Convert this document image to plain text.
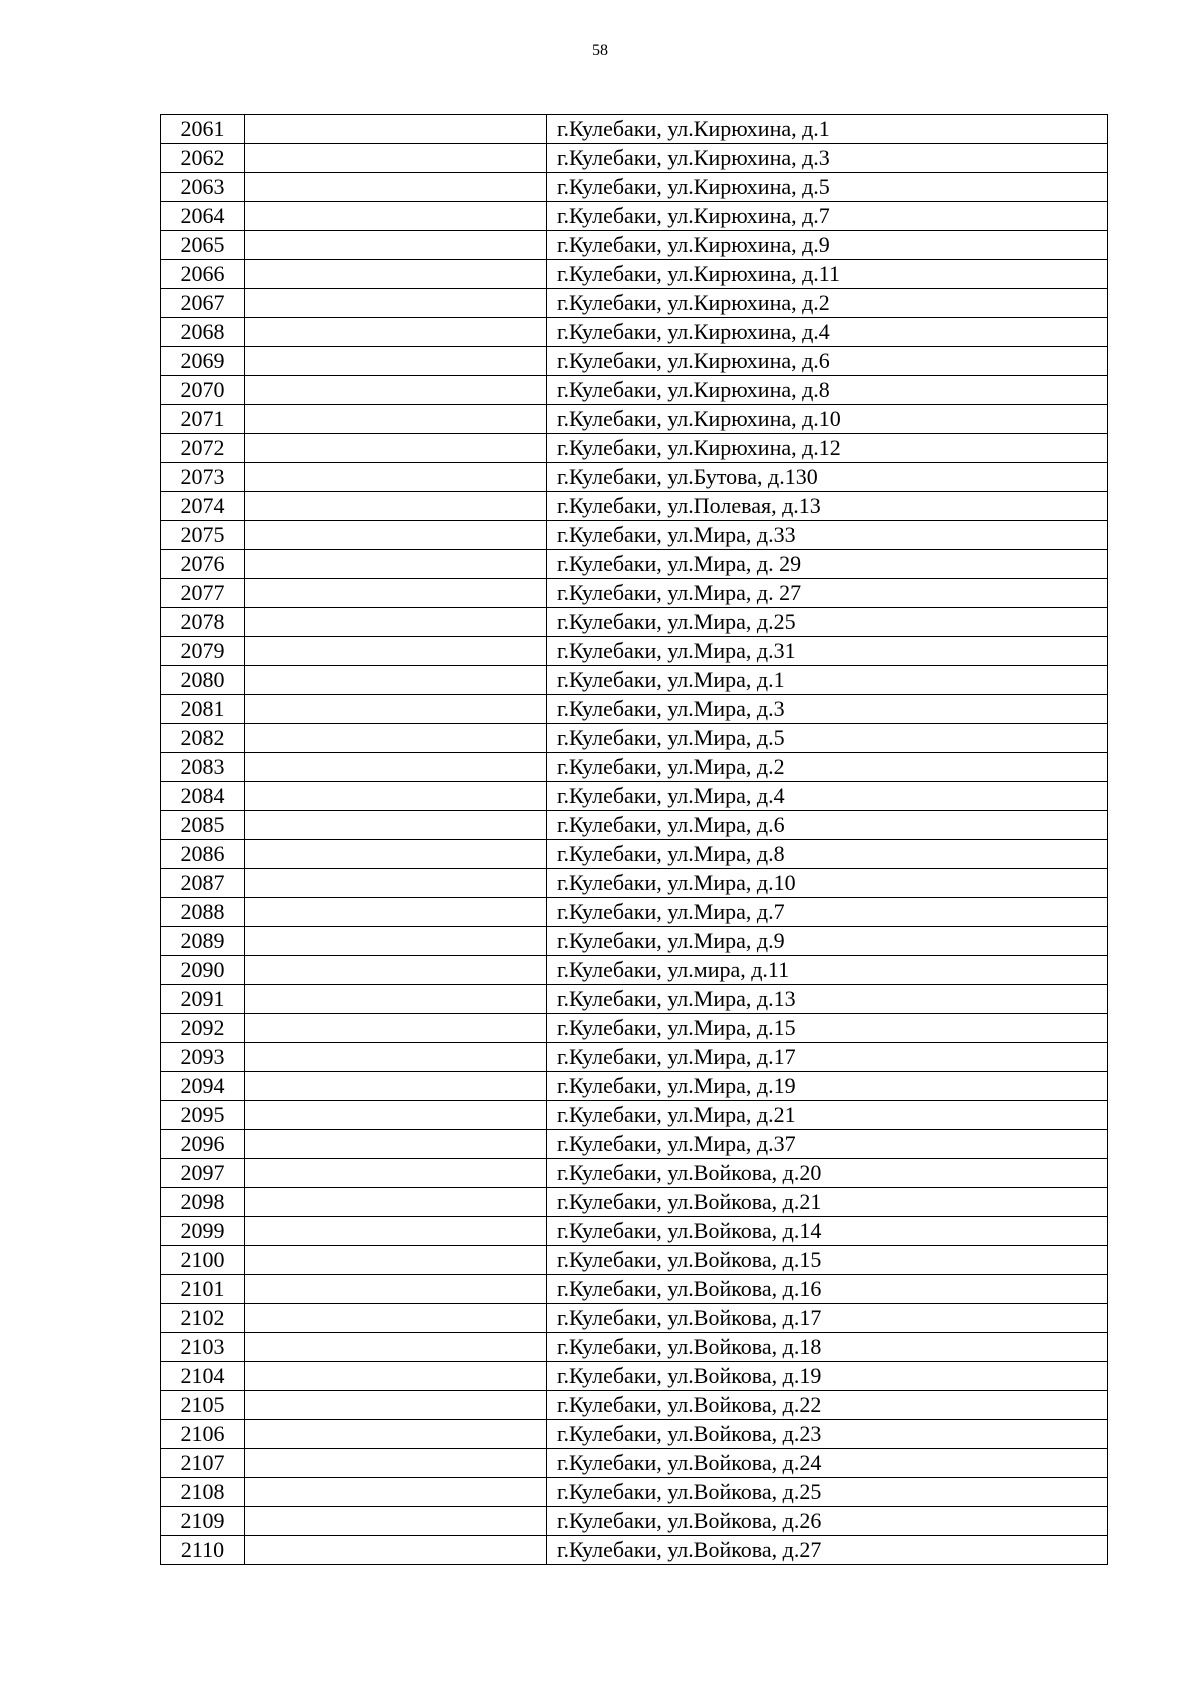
58
2061		г.Кулебаки, ул.Кирюхина, д.1
2062		г.Кулебаки, ул.Кирюхина, д.3
2063		г.Кулебаки, ул.Кирюхина, д.5
2064		г.Кулебаки, ул.Кирюхина, д.7
2065		г.Кулебаки, ул.Кирюхина, д.9
2066		г.Кулебаки, ул.Кирюхина, д.11
2067		г.Кулебаки, ул.Кирюхина, д.2
2068		г.Кулебаки, ул.Кирюхина, д.4
2069		г.Кулебаки, ул.Кирюхина, д.6
2070		г.Кулебаки, ул.Кирюхина, д.8
2071		г.Кулебаки, ул.Кирюхина, д.10
2072		г.Кулебаки, ул.Кирюхина, д.12
2073		г.Кулебаки, ул.Бутова, д.130
2074		г.Кулебаки, ул.Полевая, д.13
2075		г.Кулебаки, ул.Мира, д.33
2076		г.Кулебаки, ул.Мира, д. 29
2077		г.Кулебаки, ул.Мира, д. 27
2078		г.Кулебаки, ул.Мира, д.25
2079		г.Кулебаки, ул.Мира, д.31
2080		г.Кулебаки, ул.Мира, д.1
2081		г.Кулебаки, ул.Мира, д.3
2082		г.Кулебаки, ул.Мира, д.5
2083		г.Кулебаки, ул.Мира, д.2
2084		г.Кулебаки, ул.Мира, д.4
2085		г.Кулебаки, ул.Мира, д.6
2086		г.Кулебаки, ул.Мира, д.8
2087		г.Кулебаки, ул.Мира, д.10
2088		г.Кулебаки, ул.Мира, д.7
2089		г.Кулебаки, ул.Мира, д.9
2090		г.Кулебаки, ул.мира, д.11
2091		г.Кулебаки, ул.Мира, д.13
2092		г.Кулебаки, ул.Мира, д.15
2093		г.Кулебаки, ул.Мира, д.17
2094		г.Кулебаки, ул.Мира, д.19
2095		г.Кулебаки, ул.Мира, д.21
2096		г.Кулебаки, ул.Мира, д.37
2097		г.Кулебаки, ул.Войкова, д.20
2098		г.Кулебаки, ул.Войкова, д.21
2099		г.Кулебаки, ул.Войкова, д.14
2100		г.Кулебаки, ул.Войкова, д.15
2101		г.Кулебаки, ул.Войкова, д.16
2102		г.Кулебаки, ул.Войкова, д.17
2103		г.Кулебаки, ул.Войкова, д.18
2104		г.Кулебаки, ул.Войкова, д.19
2105		г.Кулебаки, ул.Войкова, д.22
2106		г.Кулебаки, ул.Войкова, д.23
2107		г.Кулебаки, ул.Войкова, д.24
2108		г.Кулебаки, ул.Войкова, д.25
2109		г.Кулебаки, ул.Войкова, д.26
2110		г.Кулебаки, ул.Войкова, д.27
